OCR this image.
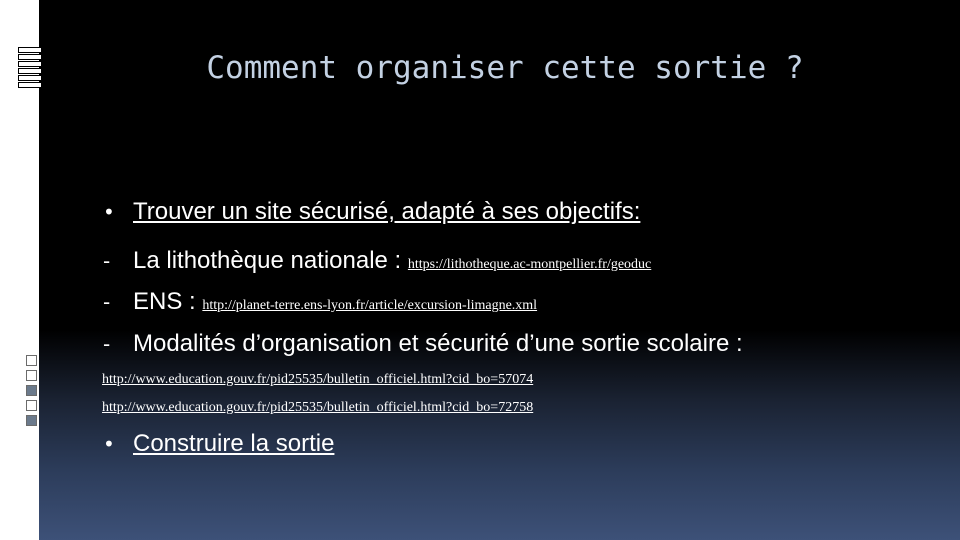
Comment organiser cette sortie ?
• Trouver un site sécurisé, adapté à ses objectifs:
- La lithothèque nationale : https://lithotheque.ac-montpellier.fr/geoduc
- ENS : http://planet-terre.ens-lyon.fr/article/excursion-limagne.xml
- Modalités d’organisation et sécurité d’une sortie scolaire :
http://www.education.gouv.fr/pid25535/bulletin_officiel.html?cid_bo=57074
http://www.education.gouv.fr/pid25535/bulletin_officiel.html?cid_bo=72758
• Construire la sortie
